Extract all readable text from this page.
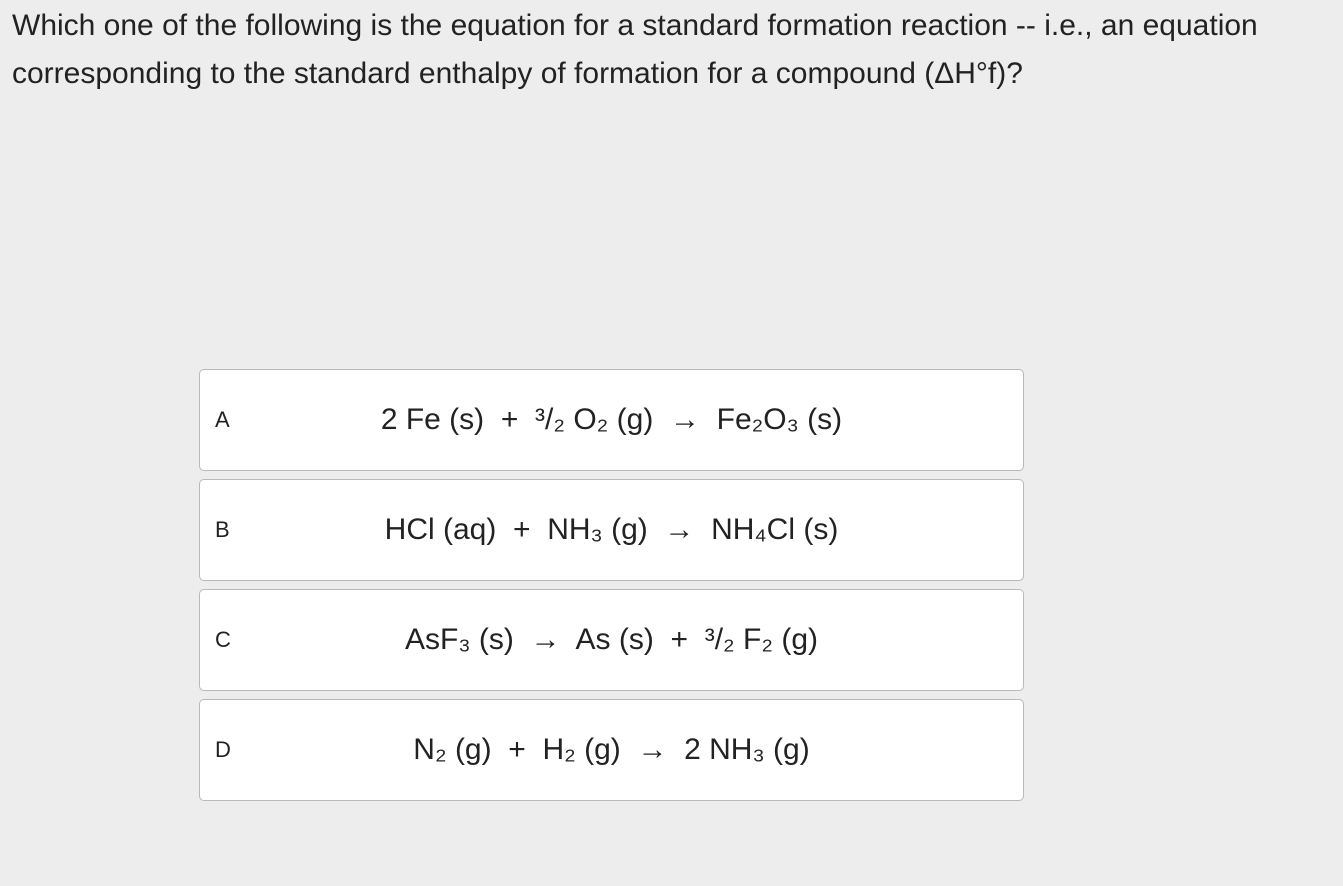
Which one of the following is the equation for a standard formation reaction -- i.e., an equation corresponding to the standard enthalpy of formation for a compound (ΔH°f)?

A	2 Fe (s)  +  ³/₂ O₂ (g)  →  Fe₂O₃ (s)
B	HCl (aq)  +  NH₃ (g)  →  NH₄Cl (s)
C	AsF₃ (s)  →  As (s)  +  ³/₂ F₂ (g)
D	N₂ (g)  +  H₂ (g)  →  2 NH₃ (g)
